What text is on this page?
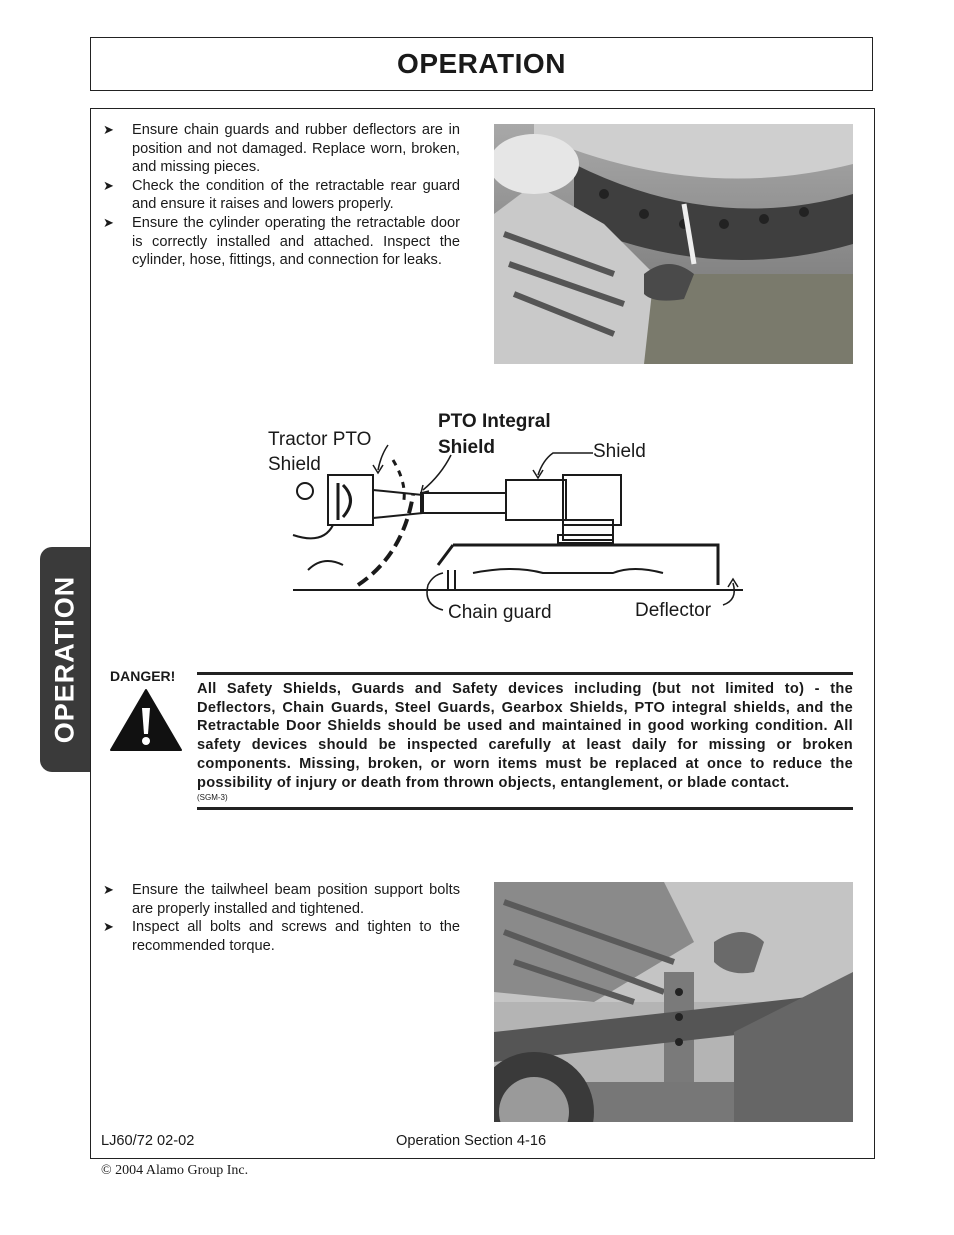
OPERATION
OPERATION
➤ Ensure chain guards and rubber deflectors are in position and not damaged. Replace worn, broken, and missing pieces.
➤ Check the condition of the retractable rear guard and ensure it raises and lowers properly.
➤ Ensure the cylinder operating the retractable door is correctly installed and attached. Inspect the cylinder, hose, fittings, and connection for leaks.
Tractor PTO
Shield
PTO Integral
Shield	Shield
Chain guard	Deflector
DANGER!
All Safety Shields, Guards and Safety devices including (but not limited to) - the Deflectors, Chain Guards, Steel Guards, Gearbox Shields, PTO integral shields, and the Retractable Door Shields should be used and maintained in good working condition. All safety devices should be inspected carefully at least daily for missing or broken components. Missing, broken, or worn items must be replaced at once to reduce the possibility of injury or death from thrown objects, entanglement, or blade contact.
(SGM-3)
➤ Ensure the tailwheel beam position support bolts are properly installed and tightened.
➤ Inspect all bolts and screws and tighten to the recommended torque.
LJ60/72 02-02	Operation Section 4-16
© 2004 Alamo Group Inc.
